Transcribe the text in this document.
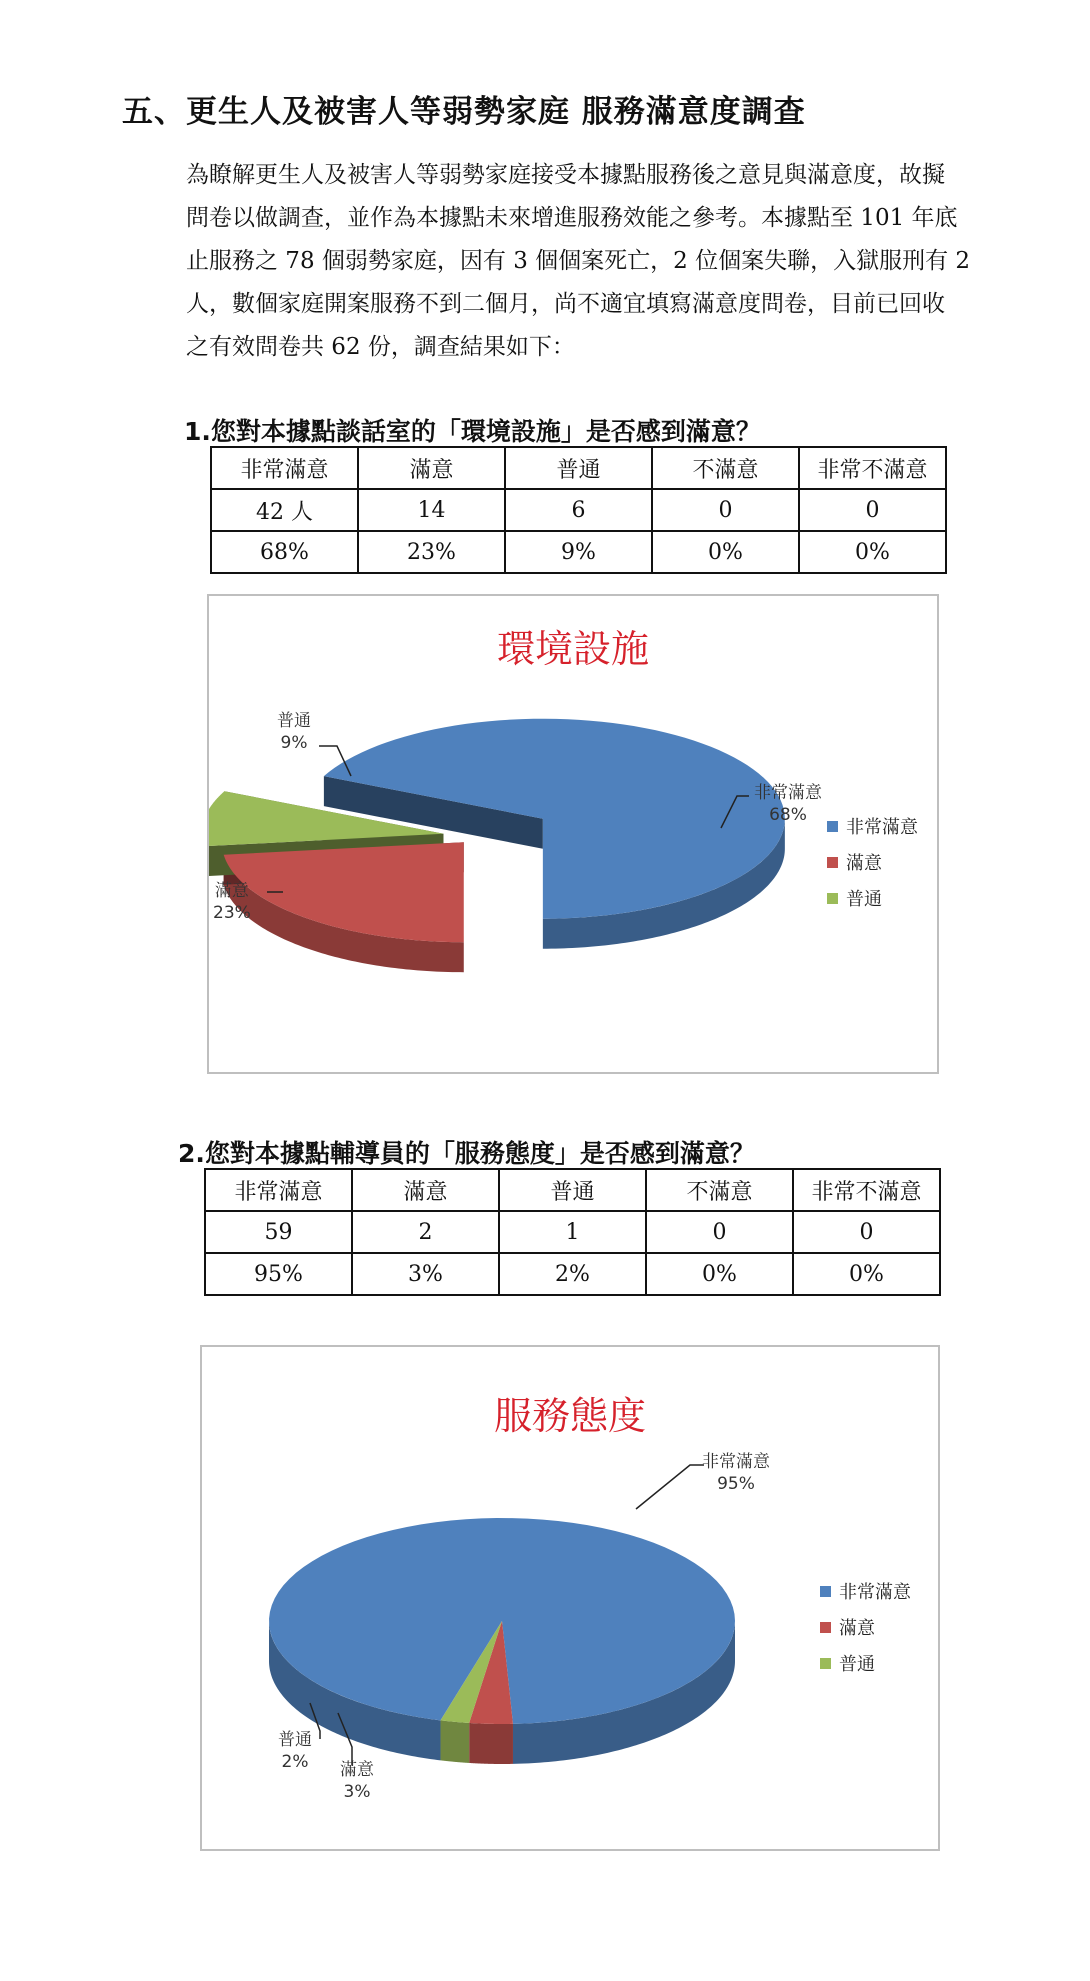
五、更生人及被害人等弱勢家庭 服務滿意度調查

為瞭解更生人及被害人等弱勢家庭接受本據點服務後之意見與滿意度，故擬

問卷以做調查，並作為本據點未來增進服務效能之參考。本據點至 101 年底

止服務之 78 個弱勢家庭，因有 3 個個案死亡，2 位個案失聯，入獄服刑有 2

人，數個家庭開案服務不到二個月，尚不適宜填寫滿意度問卷，目前已回收

之有效問卷共 62 份，調查結果如下：

1.您對本據點談話室的「環境設施」是否感到滿意？
非常滿意	滿意	普通	不滿意	非常不滿意
42 人	14	6	0	0
68%	23%	9%	0%	0%
環境設施
普通
9%
非常滿意
68%
滿意
23%
非常滿意
滿意
普通
2.您對本據點輔導員的「服務態度」是否感到滿意？
非常滿意	滿意	普通	不滿意	非常不滿意
59	2	1	0	0
95%	3%	2%	0%	0%
服務態度
非常滿意
95%
普通
2% 滿意
3%
非常滿意
滿意
普通
